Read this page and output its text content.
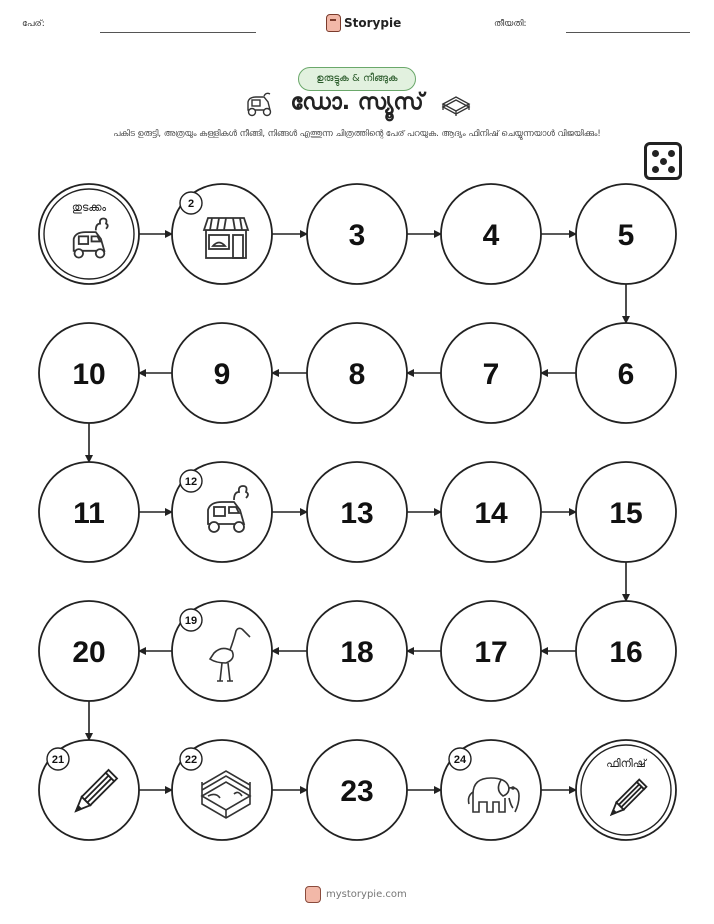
പേര്:	Storypie	തീയതി:
ഉരുട്ടുക & നീങ്ങുക
ഡോ. സ്യൂസ്
പകിട ഉരുട്ടി, അത്രയും കള്ളികൾ നീങ്ങി, നിങ്ങൾ എത്തുന്ന ചിത്രത്തിന്റെ പേര് പറയുക. ആദ്യം ഫിനിഷ് ചെയ്യുന്നയാൾ വിജയിക്കും!
തുടക്കം	2
3	4	5
6
7
8
9
10
11
12
13	14	15
16
17
18
19
20
21	22
23
24	ഫിനിഷ്
mystorypie.com
